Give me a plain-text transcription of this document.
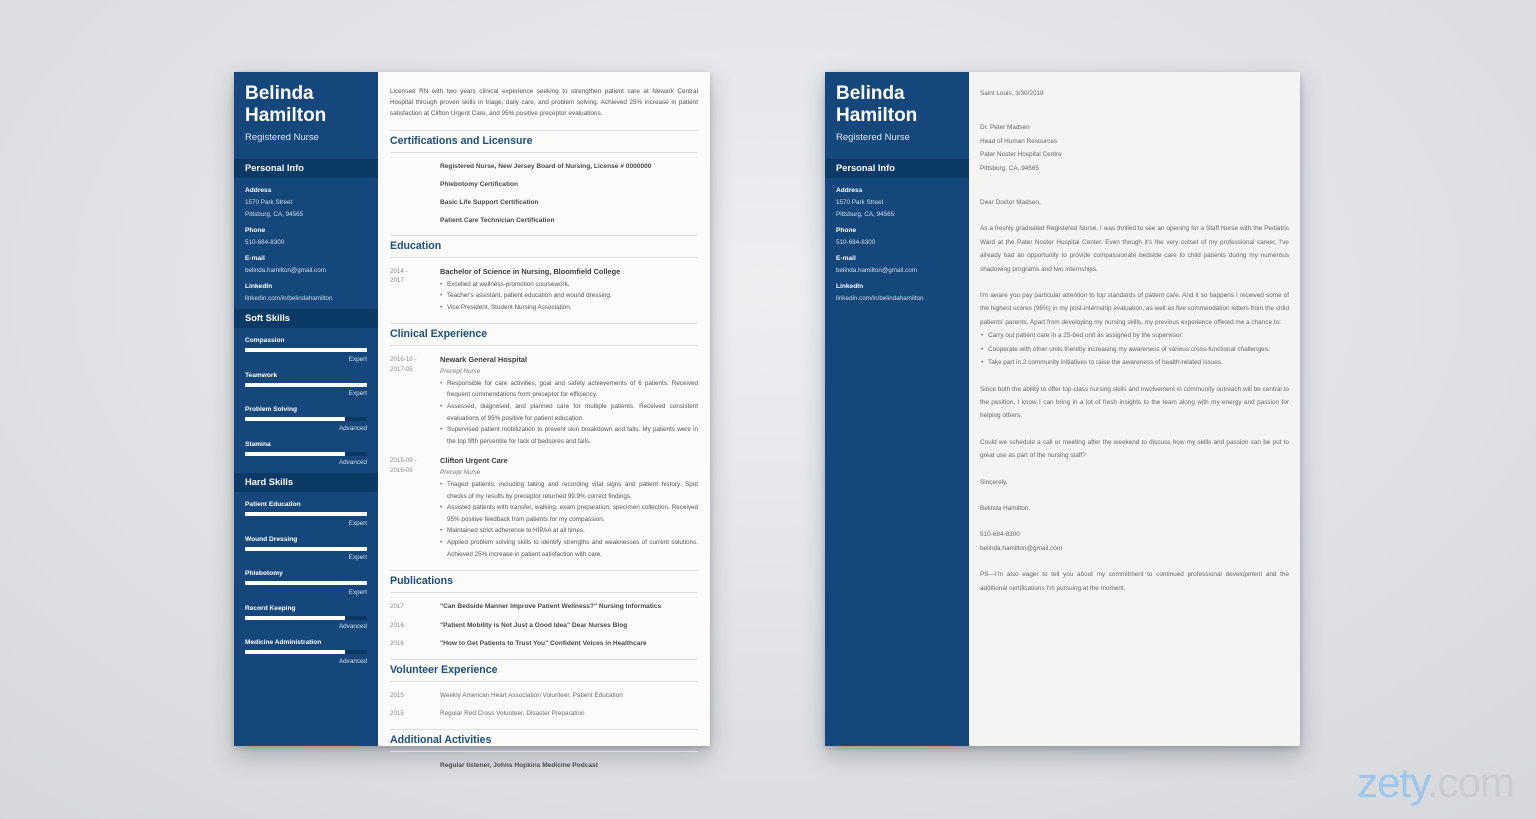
Belinda Hamilton
Registered Nurse
Personal Info
Address
1570 Park Street
Pittsburg, CA, 94565
Phone
510-684-8300
E-mail
belinda.hamilton@gmail.com
LinkedIn
linkedin.com/in/belindahamilton
Soft Skills
Compassion
Expert
Teamwork
Expert
Problem Solving
Advanced
Stamina
Advanced
Hard Skills
Patient Education
Expert
Wound Dressing
Expert
Phlebotomy
Expert
Record Keeping
Advanced
Medicine Administration
Advanced

Licensed RN with two years clinical experience seeking to strengthen patient care at Newark Central Hospital through proven skills in triage, daily care, and problem solving. Achieved 25% increase in patient satisfaction at Clifton Urgent Care, and 95% positive preceptor evaluations.

Certifications and Licensure
Registered Nurse, New Jersey Board of Nursing, License # 0000000
Phlebotomy Certification
Basic Life Support Certification
Patient Care Technician Certification
Education
2014 -
2017
Bachelor of Science in Nursing, Bloomfield College
• Excelled at wellness-promotion coursework.
• Teacher's assistant, patient education and wound dressing.
• Vice President, Student Nursing Association.
Clinical Experience
2016-10 -
2017-05
Newark General Hospital
Precept Nurse
• Responsible for care activities, goal and safety achievements of 6 patients. Received frequent commendations from preceptor for efficiency.
• Assessed, diagnosed, and planned care for multiple patients. Received consistent evaluations of 95% positive for patient education.
• Supervised patient mobilization to prevent skin breakdown and falls. My patients were in the top fifth percentile for lack of bedsores and falls.
2015-09 -
2016-05
Clifton Urgent Care
Precept Nurse
• Triaged patients, including taking and recording vital signs and patient history. Spot checks of my results by preceptor returned 99.9% correct findings.
• Assisted patients with transfer, walking, exam preparation, specimen collection. Received 95% positive feedback from patients for my compassion.
• Maintained strict adherence to HIPAA at all times.
• Applied problem solving skills to identify strengths and weaknesses of current solutions. Achieved 25% increase in patient satisfaction with care.
Publications
2017	"Can Bedside Manner Improve Patient Wellness?" Nursing Informatics
2016	"Patient Mobility is Not Just a Good Idea" Dear Nurses Blog
2016	"How to Get Patients to Trust You" Confident Voices in Healthcare
Volunteer Experience
2015	Weekly American Heart Association Volunteer, Patient Education
2015	Regular Red Cross Volunteer, Disaster Preparation
Additional Activities
Regular listener, Johns Hopkins Medicine Podcast
Belinda Hamilton
Registered Nurse
Personal Info
Address
1570 Park Street
Pittsburg, CA, 94565
Phone
510-684-8300
E-mail
belinda.hamilton@gmail.com
LinkedIn
linkedin.com/in/belindahamilton
Saint Louis, 3/30/2019
Dr. Peter Madsen
Head of Human Resources
Pater Noster Hospital Centre
Pittsburg, CA, 94565
Dear Doctor Madsen,

As a freshly graduated Registered Nurse, I was thrilled to see an opening for a Staff Nurse with the Pediatric Ward at the Pater Noster Hospital Center. Even though it's the very outset of my professional career, I've already had an opportunity to provide compassionate bedside care to child patients during my numerous shadowing programs and two internships.

I'm aware you pay particular attention to top standards of patient care. And it so happens I received some of the highest scores (96%) in my post-internship evaluation, as well as five commendation letters from the child patients' parents. Apart from developing my nursing skills, my previous experience offered me a chance to:

• Carry out patient care in a 25-bed unit as assigned by the supervisor.
• Cooperate with other units thereby increasing my awareness of various cross-functional challenges.
• Take part in 2 community initiatives to raise the awareness of health-related issues.

Since both the ability to offer top-class nursing skills and involvement in community outreach will be central to the position, I know I can bring in a lot of fresh insights to the team along with my energy and passion for helping others.

Could we schedule a call or meeting after the weekend to discuss how my skills and passion can be put to great use as part of the nursing staff?

Sincerely,
Belinda Hamilton
510-684-8300
belinda.hamilton@gmail.com

PS—I'm also eager to tell you about my commitment to continued professional development and the additional certifications I'm pursuing at the moment.

zety.com
